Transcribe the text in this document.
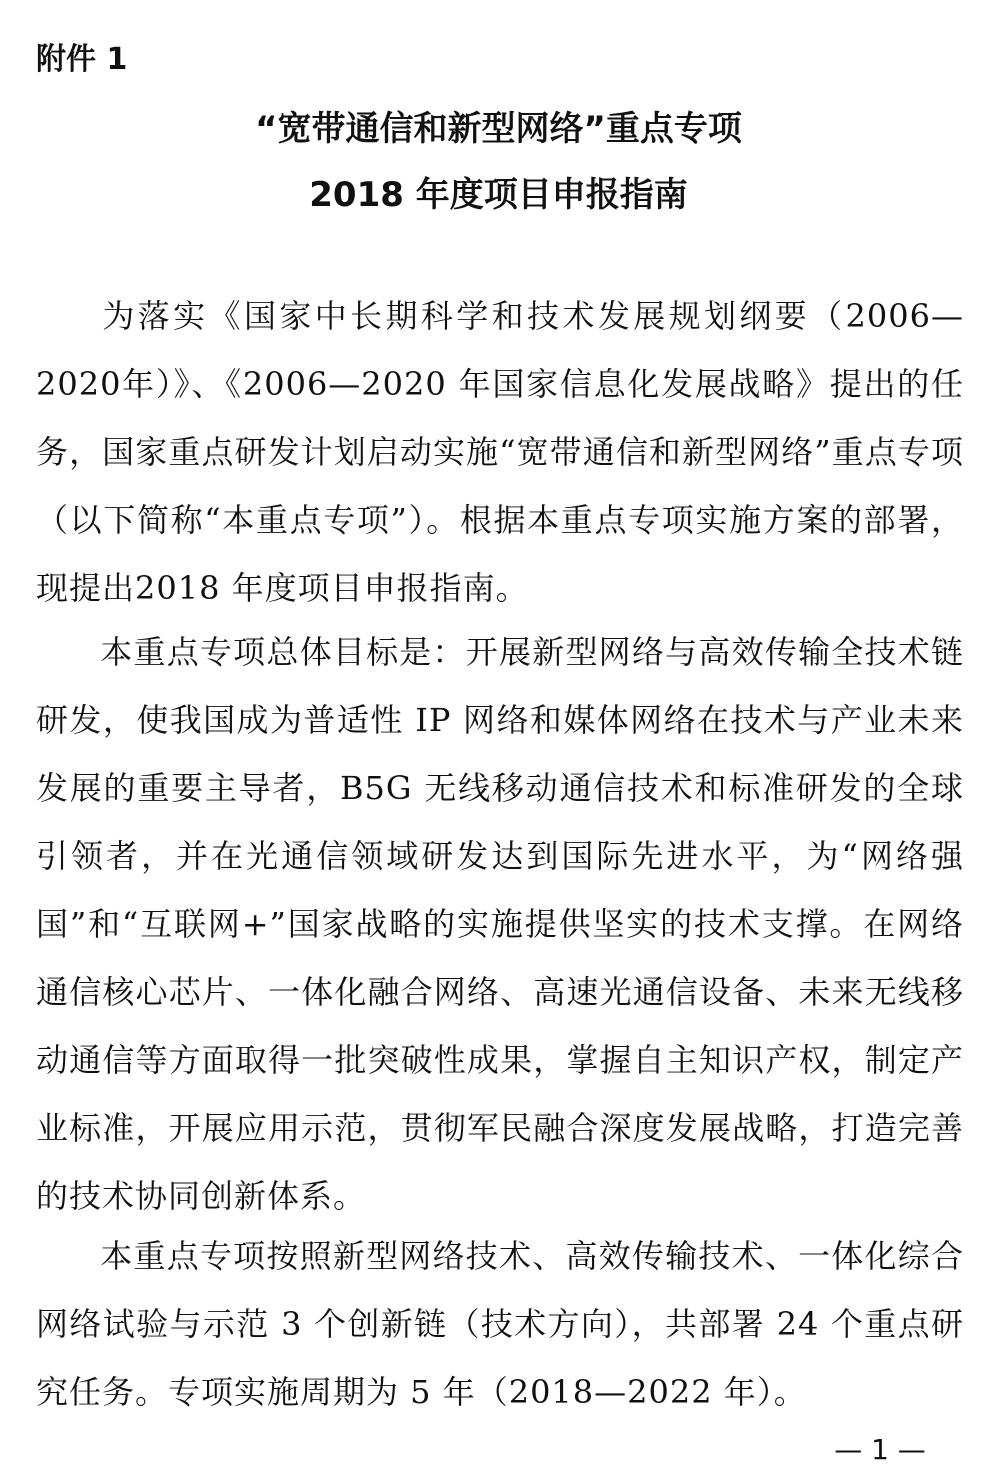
附件 1
“宽带通信和新型网络”重点专项
2018 年度项目申报指南
为落实《国家中长期科学和技术发展规划纲要（2006—2020年）》、《2006—2020 年国家信息化发展战略》提出的任务，国家重点研发计划启动实施“宽带通信和新型网络”重点专项（以下简称“本重点专项”）。根据本重点专项实施方案的部署，现提出2018 年度项目申报指南。
本重点专项总体目标是：开展新型网络与高效传输全技术链研发，使我国成为普适性 IP 网络和媒体网络在技术与产业未来发展的重要主导者，B5G 无线移动通信技术和标准研发的全球引领者，并在光通信领域研发达到国际先进水平，为“网络强国”和“互联网+”国家战略的实施提供坚实的技术支撑。在网络通信核心芯片、一体化融合网络、高速光通信设备、未来无线移动通信等方面取得一批突破性成果，掌握自主知识产权，制定产业标准，开展应用示范，贯彻军民融合深度发展战略，打造完善的技术协同创新体系。
本重点专项按照新型网络技术、高效传输技术、一体化综合网络试验与示范 3 个创新链（技术方向），共部署 24 个重点研究任务。专项实施周期为 5 年（2018—2022 年）。
— 1 —
